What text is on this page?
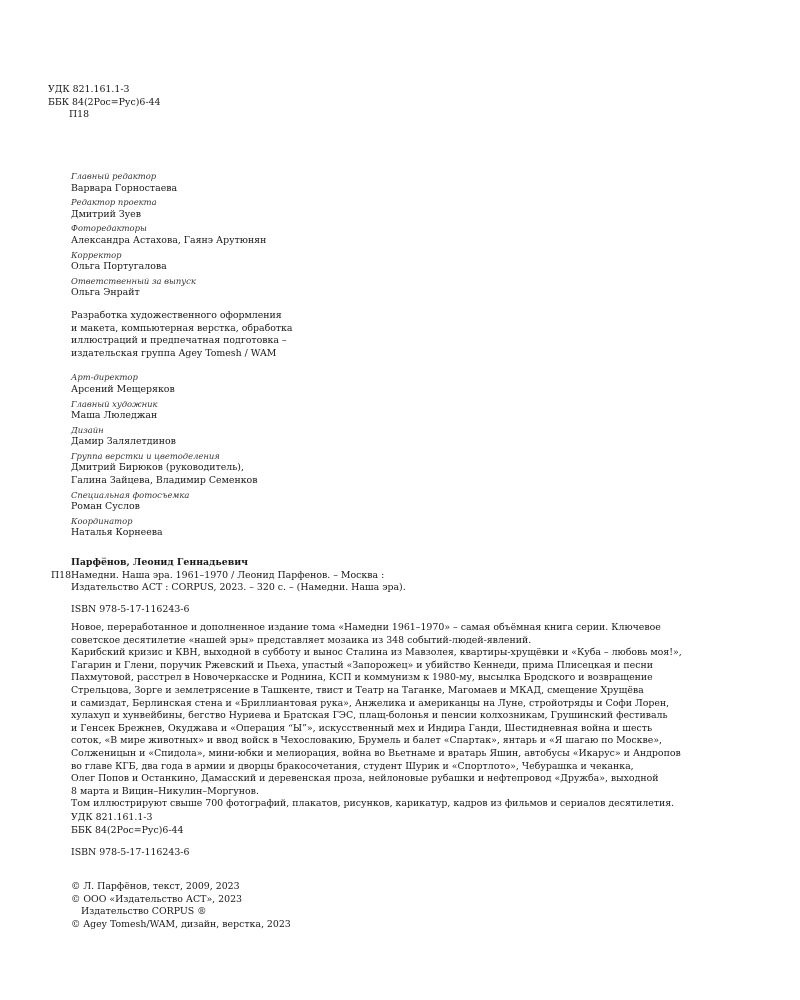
УДК 821.161.1-3
ББК 84(2Рос=Рус)6-44
П18
Главный редактор
Варвара Горностаева
Редактор проекта
Дмитрий Зуев
Фоторедакторы
Александра Астахова, Гаянэ Арутюнян
Корректор
Ольга Португалова
Ответственный за выпуск
Ольга Энрайт
Разработка художественного оформления
и макета, компьютерная верстка, обработка
иллюстраций и предпечатная подготовка –
издательская группа Agey Tomesh / WAM
Арт-директор
Арсений Мещеряков
Главный художник
Маша Люледжан
Дизайн
Дамир Залялетдинов
Группа верстки и цветоделения
Дмитрий Бирюков (руководитель),
Галина Зайцева, Владимир Семенков
Специальная фотосъемка
Роман Суслов
Координатор
Наталья Корнеева
Парфёнов, Леонид Геннадьевич
П18 Намедни. Наша эра. 1961–1970 / Леонид Парфенов. – Москва :
Издательство АСТ : CORPUS, 2023. – 320 с. – (Намедни. Наша эра).
ISBN 978-5-17-116243-6
Новое, переработанное и дополненное издание тома «Намедни 1961–1970» – самая объёмная книга серии. Ключевое
советское десятилетие «нашей эры» представляет мозаика из 348 событий-людей-явлений.
Карибский кризис и КВН, выходной в субботу и вынос Сталина из Мавзолея, квартиры-хрущёвки и «Куба – любовь моя!»,
Гагарин и Глени, поручик Ржевский и Пьеха, упастый «Запорожец» и убийство Кеннеди, прима Плисецкая и песни
Пахмутовой, расстрел в Новочеркасске и Роднина, КСП и коммунизм к 1980-му, высылка Бродского и возвращение
Стрельцова, Зорге и землетрясение в Ташкенте, твист и Театр на Таганке, Магомаев и МКАД, смещение Хрущёва
и самиздат, Берлинская стена и «Бриллиантовая рука», Анжелика и американцы на Луне, стройотряды и Софи Лорен,
хулахуп и хунвейбины, бегство Нуриева и Братская ГЭС, плащ-болонья и пенсии колхозникам, Грушинский фестиваль
и Генсек Брежнев, Окуджава и «Операция “Ы”», искусственный мех и Индира Ганди, Шестидневная война и шесть
соток, «В мире животных» и ввод войск в Чехословакию, Брумель и балет «Спартак», янтарь и «Я шагаю по Москве»,
Солженицын и «Спидола», мини-юбки и мелиорация, война во Вьетнаме и вратарь Яшин, автобусы «Икарус» и Андропов
во главе КГБ, два года в армии и дворцы бракосочетания, студент Шурик и «Спортлото», Чебурашка и чеканка,
Олег Попов и Останкино, Дамасский и деревенская проза, нейлоновые рубашки и нефтепровод «Дружба», выходной
8 марта и Вицин–Никулин–Моргунов.
Том иллюстрируют свыше 700 фотографий, плакатов, рисунков, карикатур, кадров из фильмов и сериалов десятилетия.
УДК 821.161.1-3
ББК 84(2Рос=Рус)6-44
ISBN 978-5-17-116243-6
© Л. Парфёнов, текст, 2009, 2023
© ООО «Издательство АСТ», 2023
Издательство CORPUS ®
© Agey Tomesh/WAM, дизайн, верстка, 2023
